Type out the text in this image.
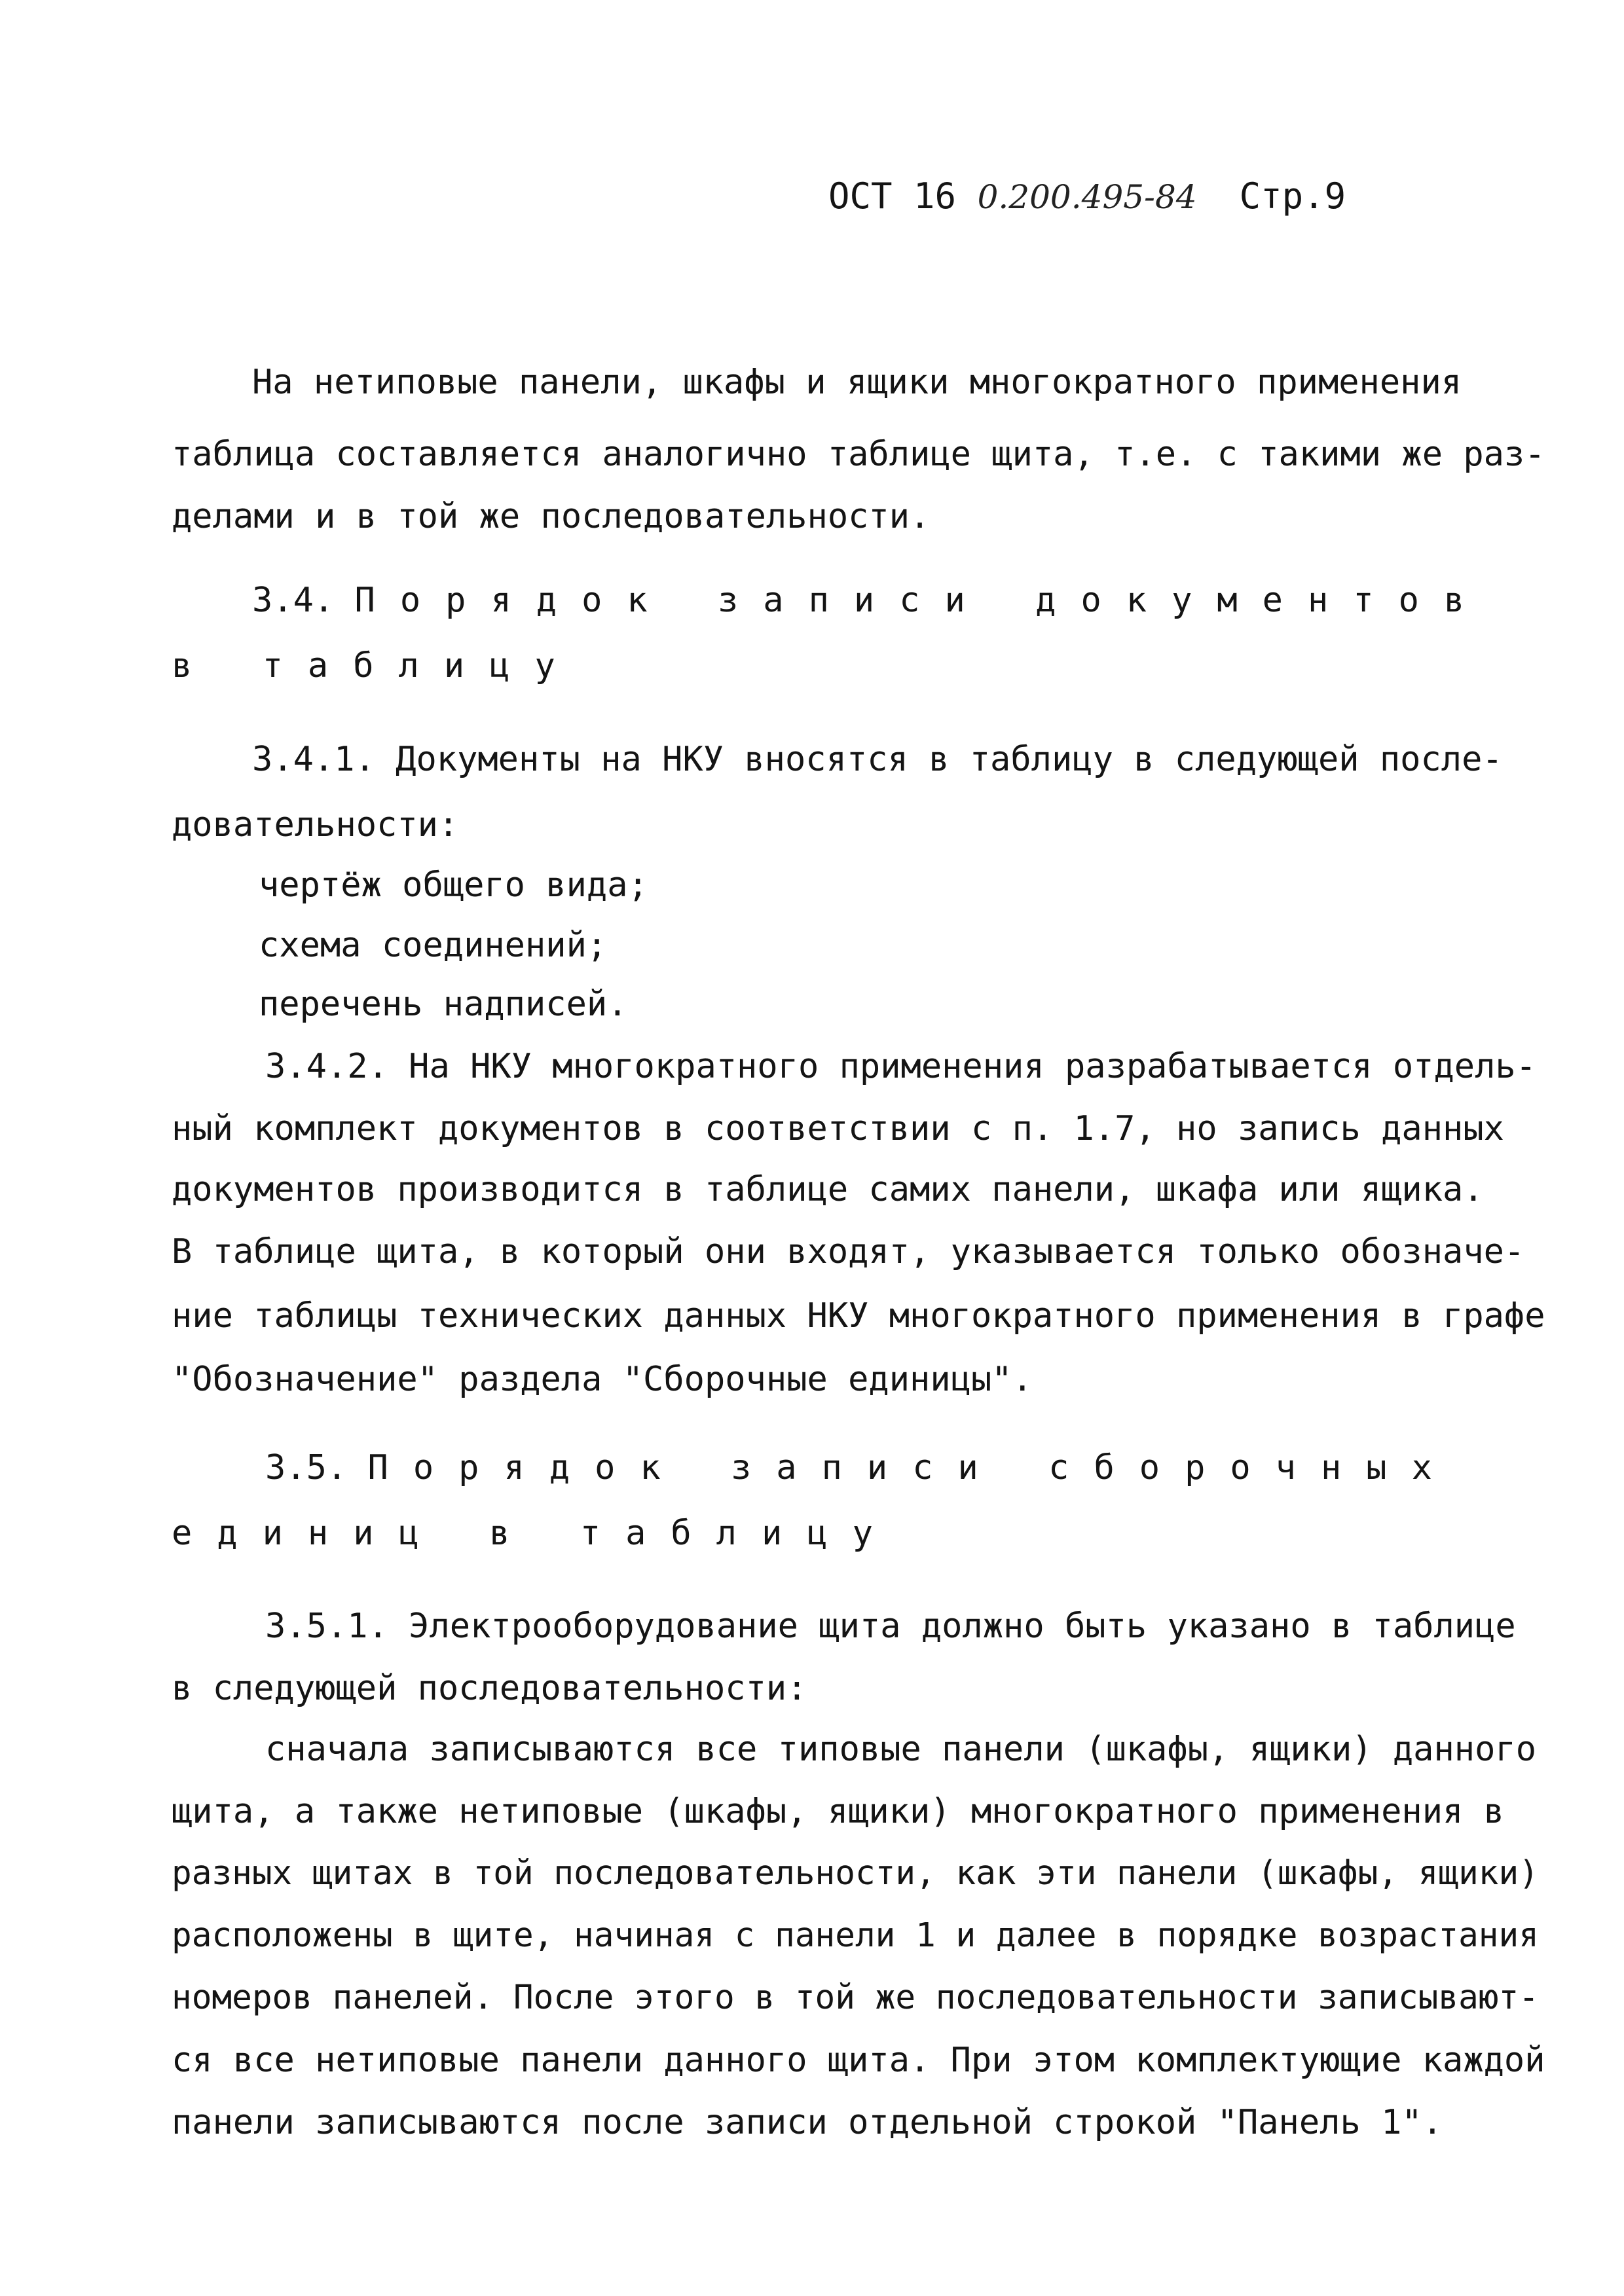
ОСТ 16 0.200.495-84 Стр.9

На нетиповые панели, шкафы и ящики многократного применения

таблица составляется аналогично таблице щита, т.е. с такими же раз-

делами и в той же последовательности.

3.4. Порядок записи документов

в таблицу

3.4.1. Документы на НКУ вносятся в таблицу в следующей после-

довательности:

чертёж общего вида;

схема соединений;

перечень надписей.

3.4.2. На НКУ многократного применения разрабатывается отдель-

ный комплект документов в соответствии с п. 1.7, но запись данных

документов производится в таблице самих панели, шкафа или ящика.

В таблице щита, в который они входят, указывается только обозначе-

ние таблицы технических данных НКУ многократного применения в графе

"Обозначение" раздела "Сборочные единицы".

3.5. Порядок записи сборочных

единиц в таблицу

3.5.1. Электрооборудование щита должно быть указано в таблице

в следующей последовательности:

сначала записываются все типовые панели (шкафы, ящики) данного

щита, а также нетиповые (шкафы, ящики) многократного применения в

разных щитах в той последовательности, как эти панели (шкафы, ящики)

расположены в щите, начиная с панели 1 и далее в порядке возрастания

номеров панелей. После этого в той же последовательности записывают-

ся все нетиповые панели данного щита. При этом комплектующие каждой

панели записываются после записи отдельной строкой "Панель 1".
